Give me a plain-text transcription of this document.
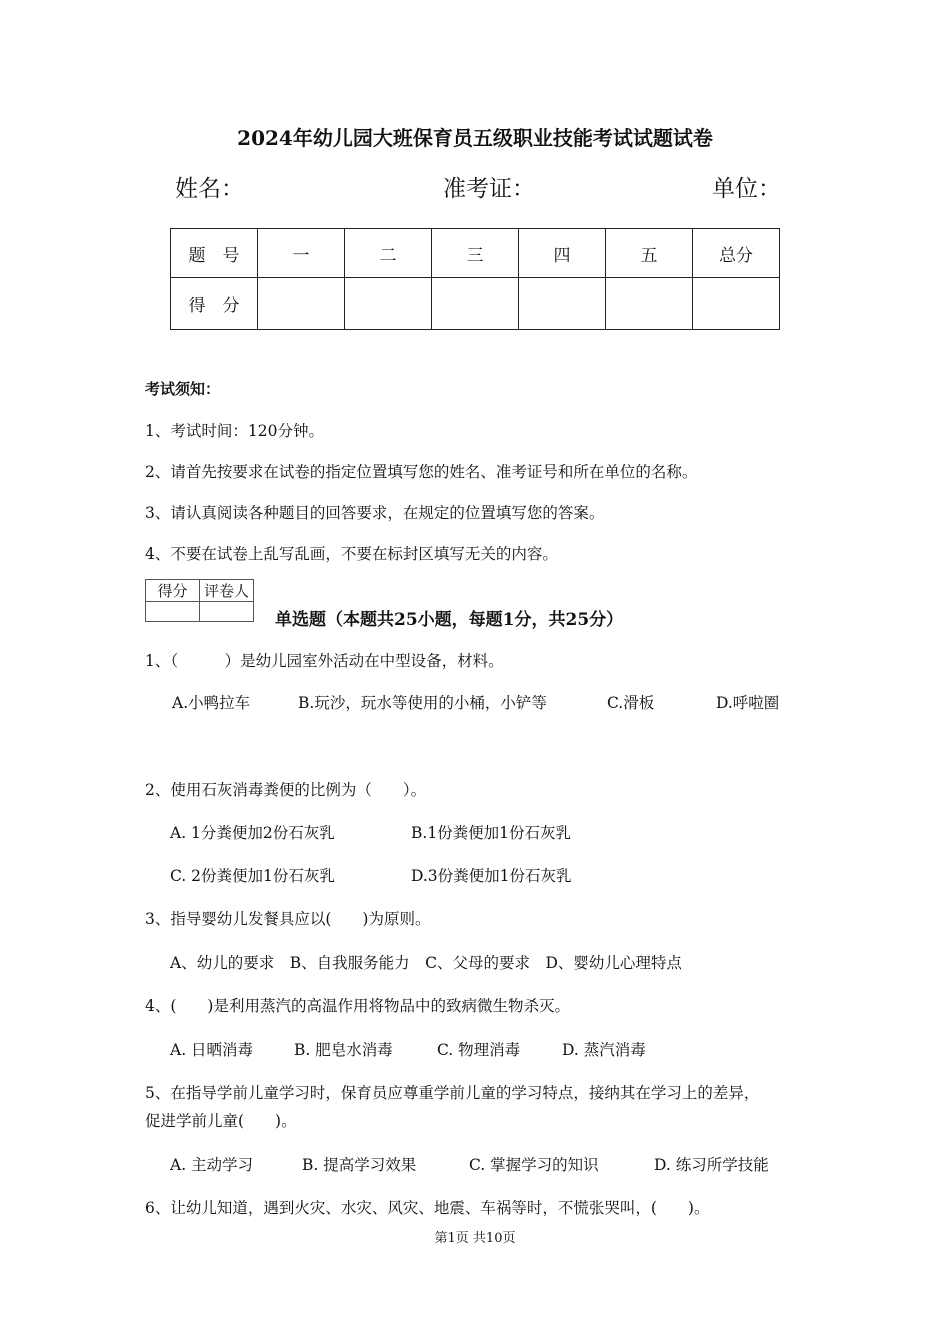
2024年幼儿园大班保育员五级职业技能考试试题试卷
姓名：	准考证：	单位：
题　号	一	二	三	四	五	总分
得　分						
考试须知：
1、考试时间：120分钟。
2、请首先按要求在试卷的指定位置填写您的姓名、准考证号和所在单位的名称。
3、请认真阅读各种题目的回答要求，在规定的位置填写您的答案。
4、不要在试卷上乱写乱画，不要在标封区填写无关的内容。
得分	评卷人

单选题（本题共25小题，每题1分，共25分）
1、（　　　）是幼儿园室外活动在中型设备，材料。
A.小鸭拉车	B.玩沙，玩水等使用的小桶，小铲等	C.滑板	D.呼啦圈
2、使用石灰消毒粪便的比例为（　　）。
A. 1分粪便加2份石灰乳	B.1份粪便加1份石灰乳
C. 2份粪便加1份石灰乳	D.3份粪便加1份石灰乳
3、指导婴幼儿发餐具应以(　　)为原则。
A、幼儿的要求　B、自我服务能力　C、父母的要求　D、婴幼儿心理特点
4、(　　)是利用蒸汽的高温作用将物品中的致病微生物杀灭。
A. 日晒消毒	B. 肥皂水消毒	C. 物理消毒	D. 蒸汽消毒
5、在指导学前儿童学习时，保育员应尊重学前儿童的学习特点，接纳其在学习上的差异，
促进学前儿童(　　)。
A. 主动学习	B. 提高学习效果	C. 掌握学习的知识	D. 练习所学技能
6、让幼儿知道，遇到火灾、水灾、风灾、地震、车祸等时，不慌张哭叫，(　　)。
第1页 共10页
